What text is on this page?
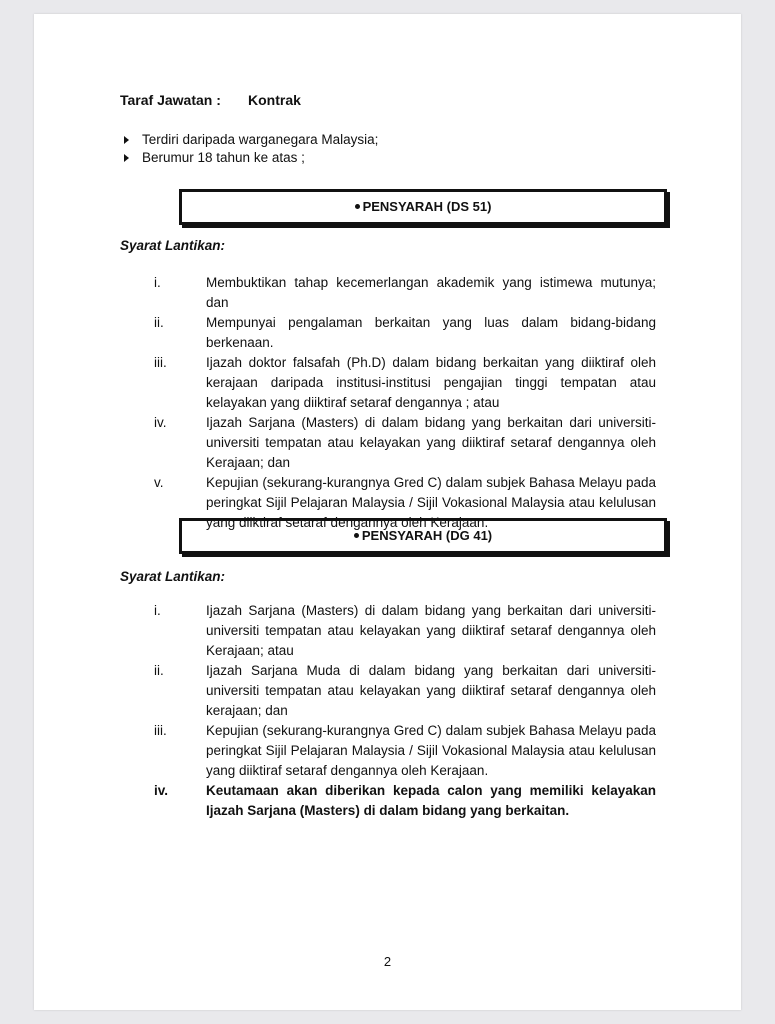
Taraf Jawatan : Kontrak
Terdiri daripada warganegara Malaysia;
Berumur 18 tahun ke atas ;
PENSYARAH (DS 51)
Syarat Lantikan:
i.	Membuktikan tahap kecemerlangan akademik yang istimewa mutunya; dan
ii.	Mempunyai pengalaman berkaitan yang luas dalam bidang-bidang berkenaan.
iii.	Ijazah doktor falsafah (Ph.D) dalam bidang berkaitan yang diiktiraf oleh kerajaan daripada institusi-institusi pengajian tinggi tempatan atau kelayakan yang diiktiraf setaraf dengannya ; atau
iv.	Ijazah Sarjana (Masters) di dalam bidang yang berkaitan dari universiti-universiti tempatan atau kelayakan yang diiktiraf setaraf dengannya oleh Kerajaan; dan
v.	Kepujian (sekurang-kurangnya Gred C) dalam subjek Bahasa Melayu pada peringkat Sijil Pelajaran Malaysia / Sijil Vokasional Malaysia atau kelulusan yang diiktiraf setaraf dengannya oleh Kerajaan.
PENSYARAH (DG 41)
Syarat Lantikan:
i.	Ijazah Sarjana (Masters) di dalam bidang yang berkaitan dari universiti-universiti tempatan atau kelayakan yang diiktiraf setaraf dengannya oleh Kerajaan; atau
ii.	Ijazah Sarjana Muda di dalam bidang yang berkaitan dari universiti-universiti tempatan atau kelayakan yang diiktiraf setaraf dengannya oleh kerajaan; dan
iii.	Kepujian (sekurang-kurangnya Gred C) dalam subjek Bahasa Melayu pada peringkat Sijil Pelajaran Malaysia / Sijil Vokasional Malaysia atau kelulusan yang diiktiraf setaraf dengannya oleh Kerajaan.
iv.	Keutamaan akan diberikan kepada calon yang memiliki kelayakan Ijazah Sarjana (Masters) di dalam bidang yang berkaitan.
2
